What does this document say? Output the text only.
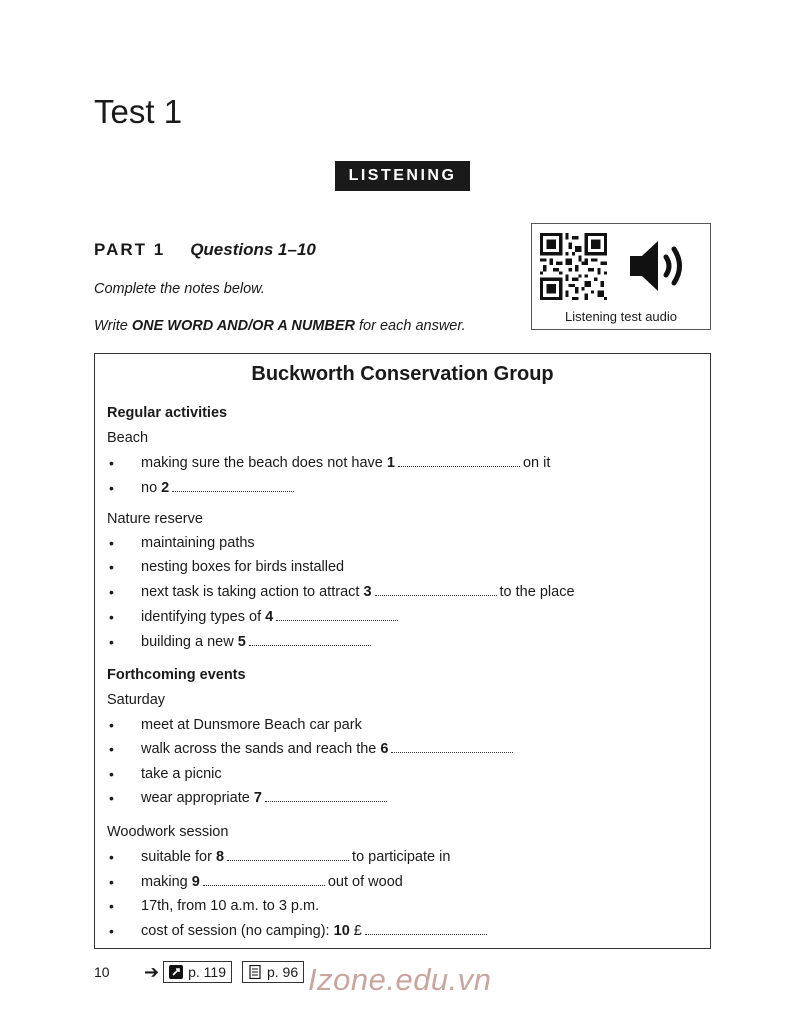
Test 1
LISTENING
PART 1 Questions 1–10
Complete the notes below.
Write ONE WORD AND/OR A NUMBER for each answer.
Listening test audio
Buckworth Conservation Group
Regular activities
Beach
• making sure the beach does not have 1	on it
• no 2
Nature reserve
• maintaining paths
• nesting boxes for birds installed
• next task is taking action to attract 3	to the place
• identifying types of 4
• building a new 5
Forthcoming events
Saturday
• meet at Dunsmore Beach car park
• walk across the sands and reach the 6
• take a picnic
• wear appropriate 7
Woodwork session
• suitable for 8	to participate in
• making 9	out of wood
• 17th, from 10 a.m. to 3 p.m.
• cost of session (no camping): 10 £
10	➔ p. 119	p. 96 Izone.edu.vn
